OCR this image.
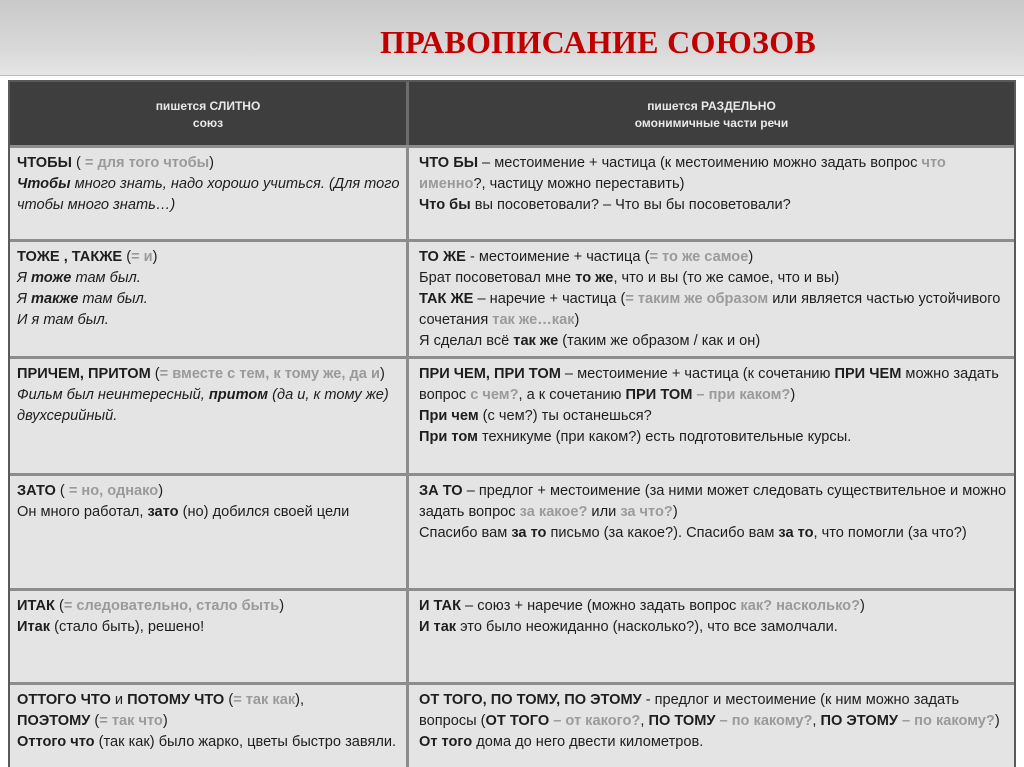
ПРАВОПИСАНИЕ СОЮЗОВ
пишется СЛИТНО
союз
пишется РАЗДЕЛЬНО
омонимичные части речи

ЧТОБЫ ( = для того чтобы)

Чтобы много знать, надо хорошо учиться. (Для того чтобы много знать…)

ЧТО БЫ – местоимение + частица (к местоимению можно задать вопрос что именно?, частицу можно переставить)

Что бы вы посоветовали? – Что вы бы посоветовали?

ТОЖЕ , ТАКЖЕ (= и)

Я тоже там был.

Я также там был.

И я там был.

ТО ЖЕ - местоимение + частица (= то же самое)

Брат посоветовал мне то же, что и вы (то же самое, что и вы)

ТАК ЖЕ – наречие + частица (= таким же образом или является частью устойчивого сочетания так же…как)

Я сделал всё так же (таким же образом / как и он)

ПРИЧЕМ, ПРИТОМ (= вместе с тем, к тому же, да и)

Фильм был неинтересный, притом (да и, к тому же) двухсерийный.

ПРИ ЧЕМ, ПРИ ТОМ – местоимение + частица (к сочетанию ПРИ ЧЕМ можно задать вопрос с чем?, а к сочетанию ПРИ ТОМ – при каком?)

При чем (с чем?) ты останешься?

При том техникуме (при каком?) есть подготовительные курсы.

ЗАТО ( = но, однако)

Он много работал, зато (но) добился своей цели

ЗА ТО – предлог + местоимение (за ними может следовать существительное и можно задать вопрос за какое? или за что?)

Спасибо вам за то письмо (за какое?). Спасибо вам за то, что помогли (за что?)

ИТАК (= следовательно, стало быть)

Итак (стало быть), решено!

И ТАК – союз + наречие (можно задать вопрос как? насколько?)

И так это было неожиданно (насколько?), что все замолчали.

ОТТОГО ЧТО и ПОТОМУ ЧТО (= так как),

ПОЭТОМУ (= так что)

Оттого что (так как) было жарко, цветы быстро завяли.

ОТ ТОГО, ПО ТОМУ, ПО ЭТОМУ - предлог и местоимение (к ним можно задать вопросы (ОТ ТОГО – от какого?, ПО ТОМУ – по какому?, ПО ЭТОМУ – по какому?)

От того дома до него двести километров.
